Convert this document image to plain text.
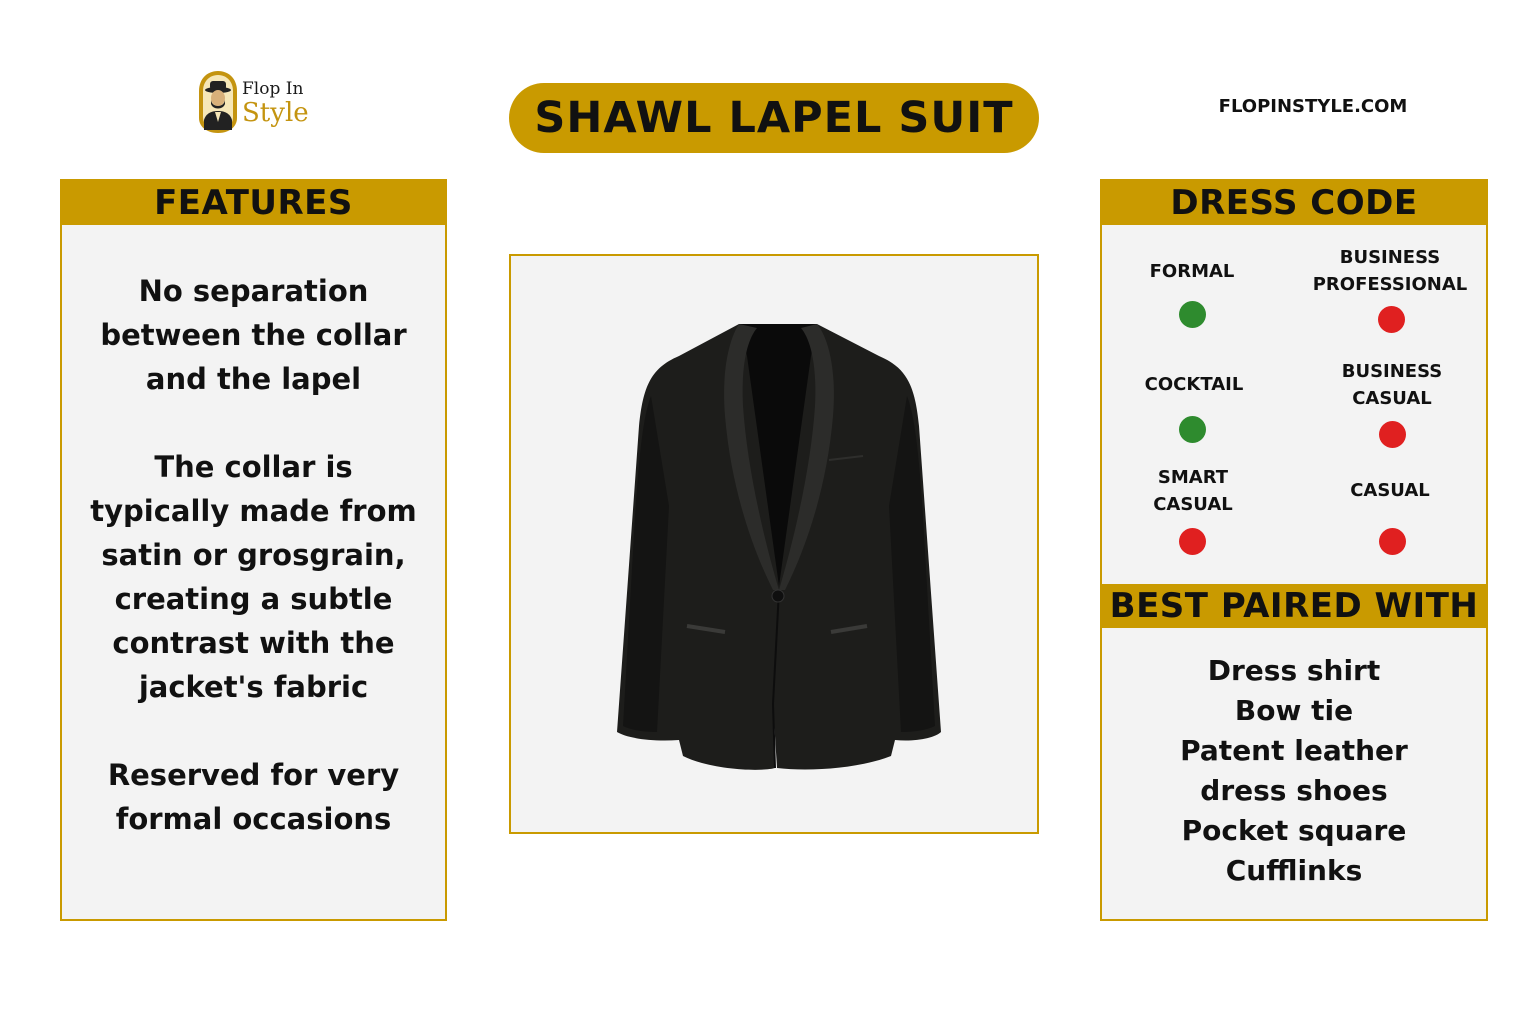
Flop In
Style	SHAWL LAPEL SUIT	FLOPINSTYLE.COM
FEATURES
No separation between the collar and the lapel
The collar is typically made from satin or grosgrain, creating a subtle contrast with the jacket's fabric
Reserved for very formal occasions
DRESS CODE
FORMAL
BUSINESS
PROFESSIONAL
COCKTAIL
BUSINESS
CASUAL
SMART
CASUAL
CASUAL
BEST PAIRED WITH
Dress shirt
Bow tie
Patent leather
dress shoes
Pocket square
Cufflinks
